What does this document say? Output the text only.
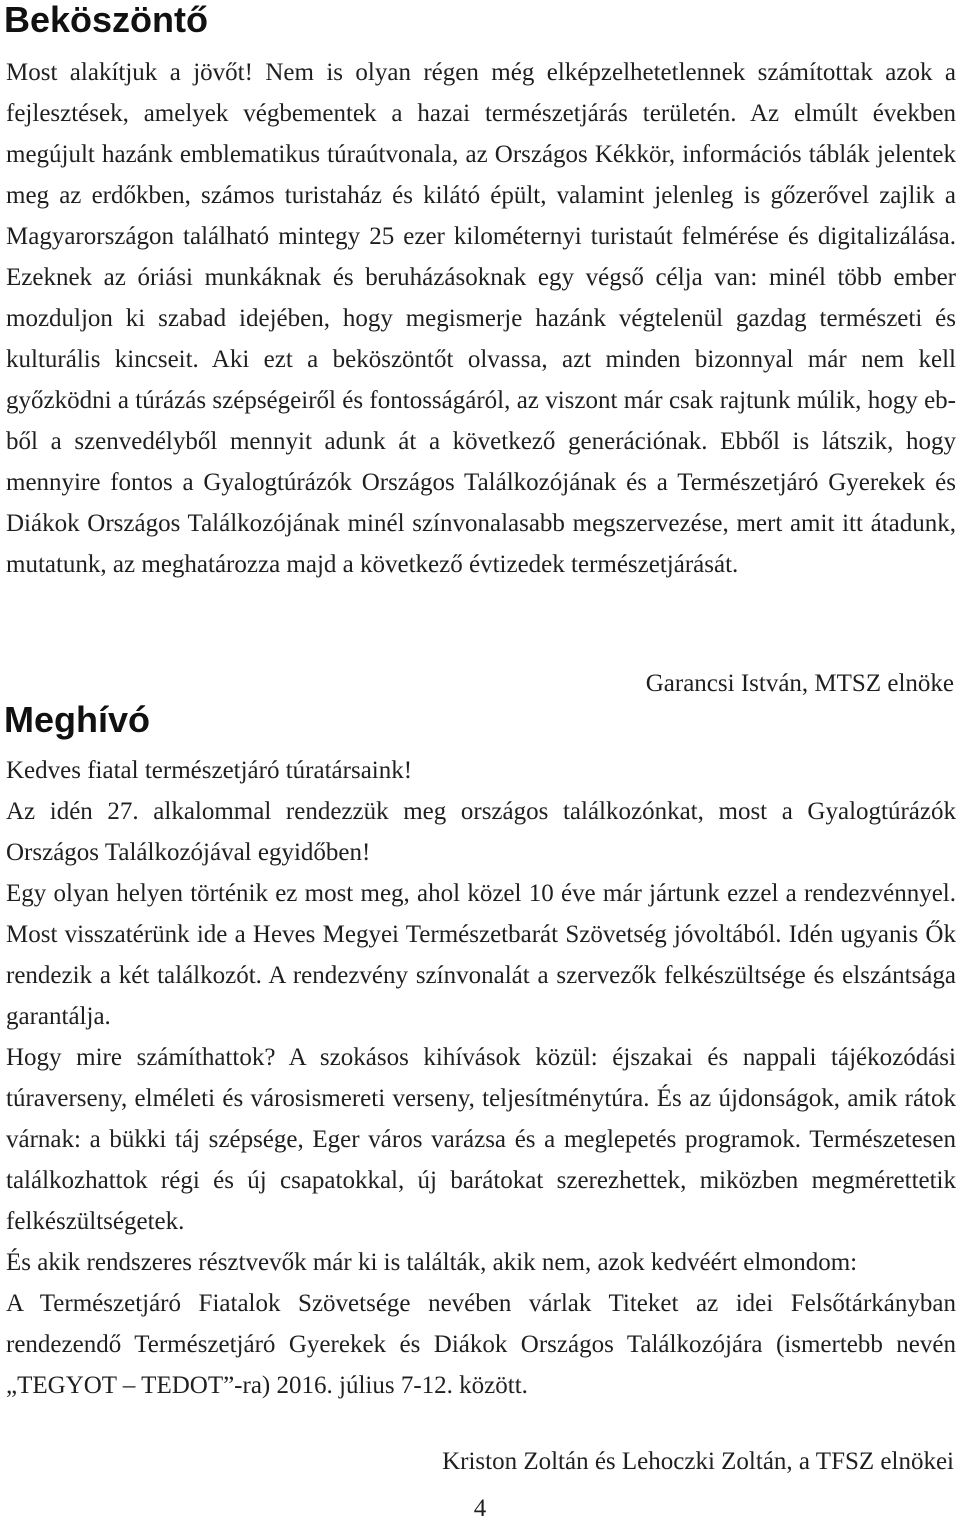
Beköszöntő

Most alakítjuk a jövőt! Nem is olyan régen még elképzelhetetlennek számítottak azok a fejlesztések, amelyek végbementek a hazai természetjárás területén. Az elmúlt években megújult hazánk emblematikus túraútvonala, az Országos Kékkör, információs táblák jelentek meg az erdőkben, számos turistaház és kilátó épült, valamint jelenleg is gőzerővel zajlik a Magyarországon található mintegy 25 ezer kilométernyi turistaút felmérése és digitalizálása. Ezeknek az óriási munkáknak és beruházásoknak egy végső célja van: minél több ember mozduljon ki szabad idejében, hogy megismerje hazánk végtelenül gazdag természeti és kulturális kincseit. Aki ezt a beköszöntőt olvassa, azt minden bizonnyal már nem kell győzködni a túrázás szépségeiről és fontosságáról, az viszont már csak rajtunk múlik, hogy ebből a szenvedélyből mennyit adunk át a következő generációnak. Ebből is látszik, hogy mennyire fontos a Gyalogtúrázók Országos Találkozójának és a Természetjáró Gyerekek és Diákok Országos Találkozójának minél színvonalasabb megszervezése, mert amit itt átadunk, mutatunk, az meghatározza majd a következő évtizedek természetjárását.

Garancsi István, MTSZ elnöke
Meghívó

Kedves fiatal természetjáró túratársaink!

Az idén 27. alkalommal rendezzük meg országos találkozónkat, most a Gyalogtúrázók Országos Találkozójával egyidőben!

Egy olyan helyen történik ez most meg, ahol közel 10 éve már jártunk ezzel a rendezvénnyel. Most visszatérünk ide a Heves Megyei Természetbarát Szövetség jóvoltából. Idén ugyanis Ők rendezik a két találkozót. A rendezvény színvonalát a szervezők felkészültsége és elszántsága garantálja.

Hogy mire számíthattok? A szokásos kihívások közül: éjszakai és nappali tájékozódási túraverseny, elméleti és városismereti verseny, teljesítménytúra. És az újdonságok, amik rátok várnak: a bükki táj szépsége, Eger város varázsa és a meglepetés programok. Természetesen találkozhattok régi és új csapatokkal, új barátokat szerezhettek, miközben megmérettetik felkészültségetek.

És akik rendszeres résztvevők már ki is találták, akik nem, azok kedvéért elmondom:

A Természetjáró Fiatalok Szövetsége nevében várlak Titeket az idei Felsőtárkányban rendezendő Természetjáró Gyerekek és Diákok Országos Találkozójára (ismertebb nevén „TEGYOT – TEDOT”-ra) 2016. július 7-12. között.

Kriston Zoltán és Lehoczki Zoltán, a TFSZ elnökei
4
